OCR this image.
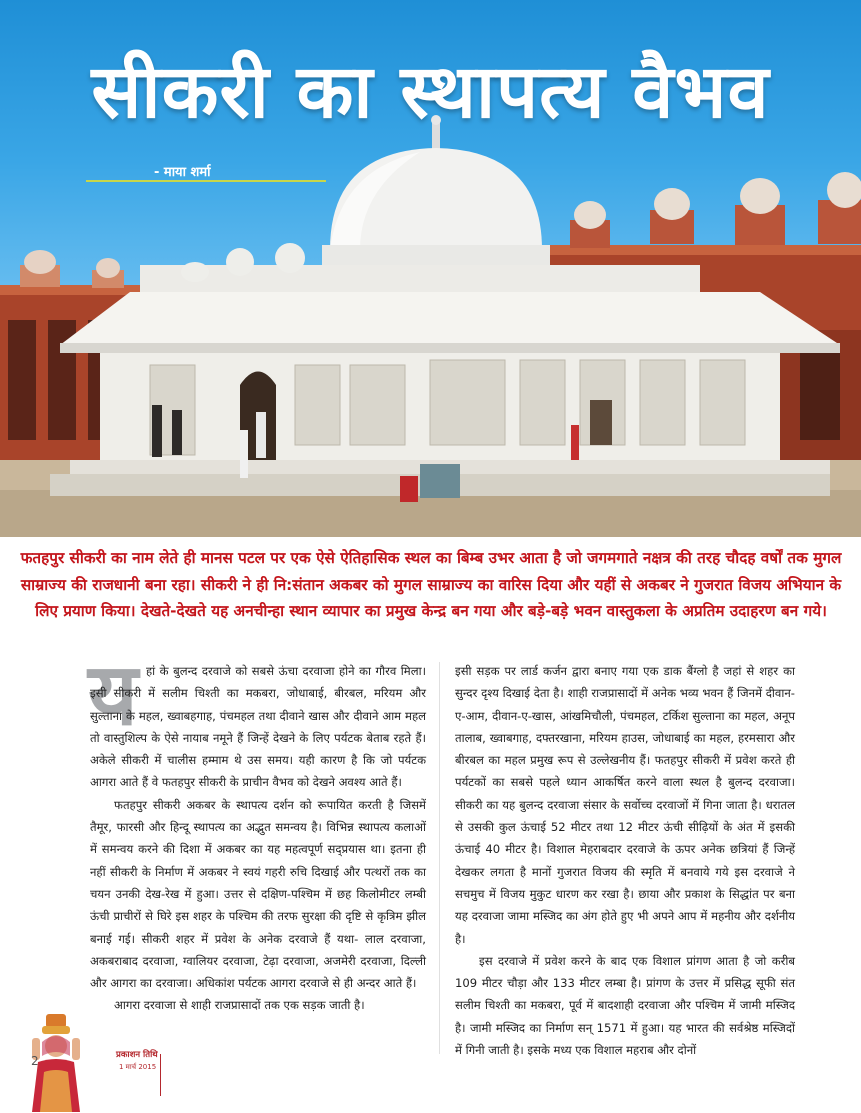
सीकरी का स्थापत्य वैभव
- माया शर्मा

फतहपुर सीकरी का नाम लेते ही मानस पटल पर एक ऐसे ऐतिहासिक स्थल का बिम्ब उभर आता है जो जगमगाते नक्षत्र की तरह चौदह वर्षों तक मुगल साम्राज्य की राजधानी बना रहा। सीकरी ने ही नि:संतान अकबर को मुगल साम्राज्य का वारिस दिया और यहीं से अकबर ने गुजरात विजय अभियान के लिए प्रयाण किया। देखते-देखते यह अनचीन्हा स्थान व्यापार का प्रमुख केन्द्र बन गया और बड़े-बड़े भवन वास्तुकला के अप्रतिम उदाहरण बन गये।

य हां के बुलन्द दरवाजे को सबसे ऊंचा दरवाजा होने का गौरव मिला। इसी सीकरी में सलीम चिश्ती का मकबरा, जोधाबाई, बीरबल, मरियम और सुल्ताना के महल, ख्वाबहगाह, पंचमहल तथा दीवाने खास और दीवाने आम महल तो वास्तुशिल्प के ऐसे नायाब नमूने हैं जिन्हें देखने के लिए पर्यटक बेताब रहते हैं। अकेले सीकरी में चालीस हम्माम थे उस समय। यही कारण है कि जो पर्यटक आगरा आते हैं वे फतहपुर सीकरी के प्राचीन वैभव को देखने अवश्य आते हैं।

फतहपुर सीकरी अकबर के स्थापत्य दर्शन को रूपायित करती है जिसमें तैमूर, फारसी और हिन्दू स्थापत्य का अद्भुत समन्वय है। विभिन्न स्थापत्य कलाओं में समन्वय करने की दिशा में अकबर का यह महत्वपूर्ण सद्प्रयास था। इतना ही नहीं सीकरी के निर्माण में अकबर ने स्वयं गहरी रुचि दिखाई और पत्थरों तक का चयन उनकी देख-रेख में हुआ। उत्तर से दक्षिण-पश्चिम में छह किलोमीटर लम्बी ऊंची प्राचीरों से घिरे इस शहर के पश्चिम की तरफ सुरक्षा की दृष्टि से कृत्रिम झील बनाई गई। सीकरी शहर में प्रवेश के अनेक दरवाजे हैं यथा- लाल दरवाजा, अकबराबाद दरवाजा, ग्वालियर दरवाजा, टेढ़ा दरवाजा, अजमेरी दरवाजा, दिल्ली और आगरा का दरवाजा। अधिकांश पर्यटक आगरा दरवाजे से ही अन्दर आते हैं।

आगरा दरवाजा से शाही राजप्रासादों तक एक सड़क जाती है।

इसी सड़क पर लार्ड कर्जन द्वारा बनाए गया एक डाक बैंग्लो है जहां से शहर का सुन्दर दृश्य दिखाई देता है। शाही राजप्रासादों में अनेक भव्य भवन हैं जिनमें दीवान-ए-आम, दीवान-ए-खास, आंखमिचौली, पंचमहल, टर्किश सुल्ताना का महल, अनूप तालाब, ख्वाबगाह, दफ्तरखाना, मरियम हाउस, जोधाबाई का महल, हरमसारा और बीरबल का महल प्रमुख रूप से उल्लेखनीय हैं। फतहपुर सीकरी में प्रवेश करते ही पर्यटकों का सबसे पहले ध्यान आकर्षित करने वाला स्थल है बुलन्द दरवाजा। सीकरी का यह बुलन्द दरवाजा संसार के सर्वोच्च दरवाजों में गिना जाता है। धरातल से उसकी कुल ऊंचाई 52 मीटर तथा 12 मीटर ऊंची सीढ़ियों के अंत में इसकी ऊंचाई 40 मीटर है। विशाल मेहराबदार दरवाजे के ऊपर अनेक छत्रियां हैं जिन्हें देखकर लगता है मानों गुजरात विजय की स्मृति में बनवाये गये इस दरवाजे ने सचमुच में विजय मुकुट धारण कर रखा है। छाया और प्रकाश के सिद्धांत पर बना यह दरवाजा जामा मस्जिद का अंग होते हुए भी अपने आप में महनीय और दर्शनीय है।

इस दरवाजे में प्रवेश करने के बाद एक विशाल प्रांगण आता है जो करीब 109 मीटर चौड़ा और 133 मीटर लम्बा है। प्रांगण के उत्तर में प्रसिद्ध सूफी संत सलीम चिश्ती का मकबरा, पूर्व में बादशाही दरवाजा और पश्चिम में जामी मस्जिद है। जामी मस्जिद का निर्माण सन् 1571 में हुआ। यह भारत की सर्वश्रेष्ठ मस्जिदों में गिनी जाती है। इसके मध्य एक विशाल महराब और दोनों

2	प्रकाशन तिथि
1 मार्च 2015
